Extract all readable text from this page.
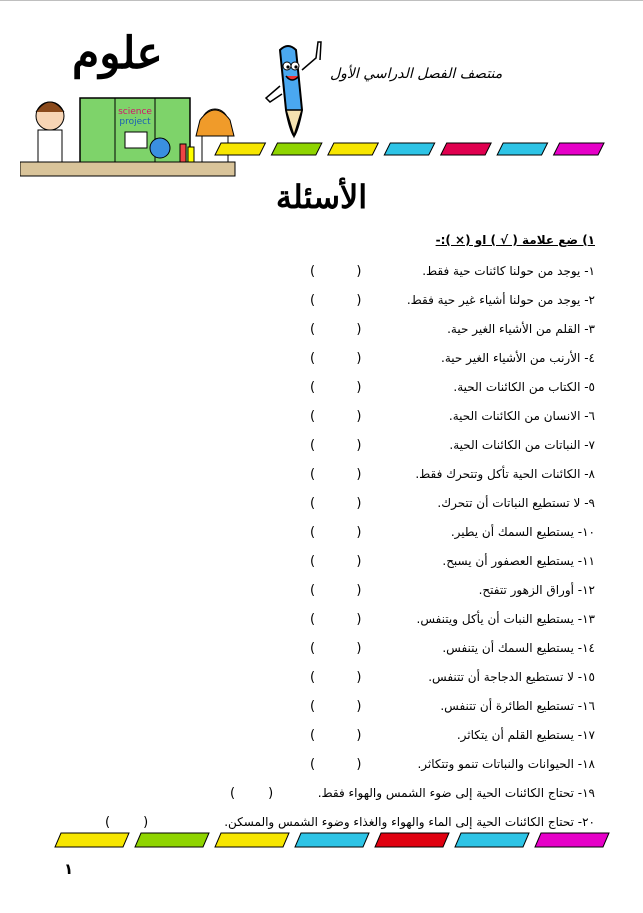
علوم	منتصف الفصل الدراسي الأول
science
project
الأسئلة
١) ضع علامة ( √ ) او (× ):-
١- يوجد من حولنا كائنات حية فقط.
(          )
٢- يوجد من حولنا أشياء غير حية فقط.
(          )
٣- القلم من الأشياء الغير حية.
(          )
٤- الأرنب من الأشياء الغير حية.
(          )
٥- الكتاب من الكائنات الحية.
(          )
٦- الانسان من الكائنات الحية.
(          )
٧- النباتات من الكائنات الحية.
(          )
٨- الكائنات الحية تأكل وتتحرك فقط.
(          )
٩- لا تستطيع النباتات أن تتحرك.
(          )
١٠- يستطيع السمك أن يطير.
(          )
١١- يستطيع العصفور أن يسبح.
(          )
١٢- أوراق الزهور تتفتح.
(          )
١٣- يستطيع النبات أن يأكل ويتنفس.
(          )
١٤- يستطيع السمك أن يتنفس.
(          )
١٥- لا تستطيع الدجاجة أن تتنفس.
(          )
١٦- تستطيع الطائرة أن تتنفس.
(          )
١٧- يستطيع القلم أن يتكاثر.
(          )
١٨- الحيوانات والنباتات تنمو وتتكاثر.
(          )
١٩- تحتاج الكائنات الحية إلى ضوء الشمس والهواء فقط.
(        )
٢٠- تحتاج الكائنات الحية إلى الماء والهواء والغذاء وضوء الشمس والمسكن.
(        )
١
